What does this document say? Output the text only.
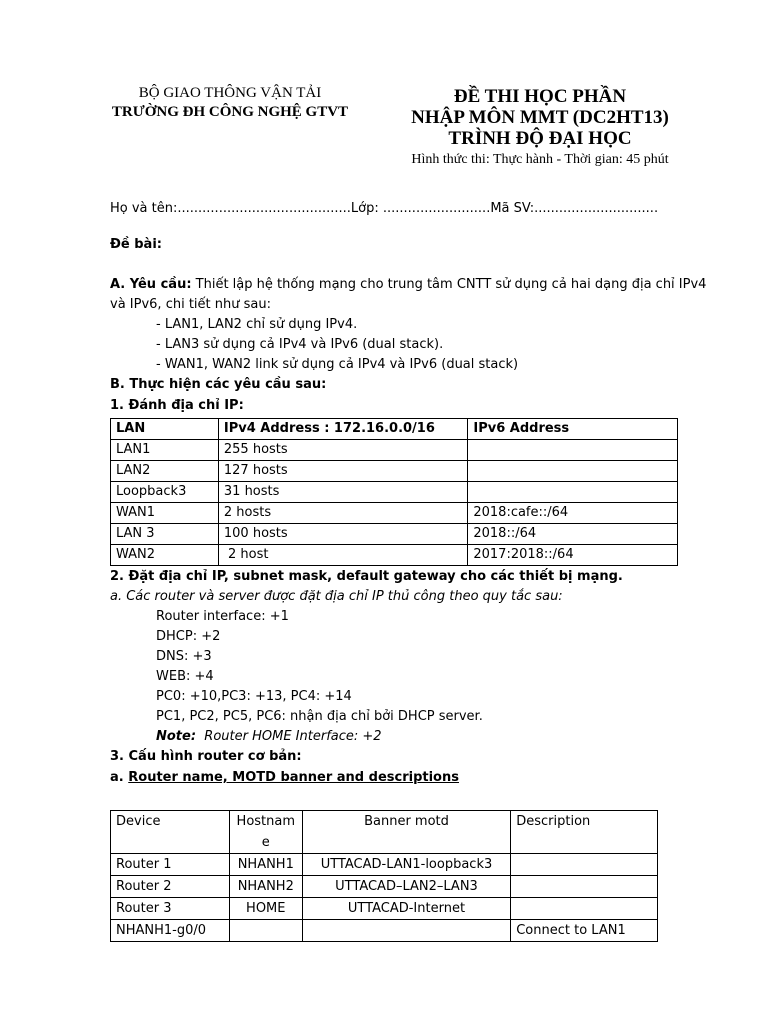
BỘ GIAO THÔNG VẬN TẢI
TRƯỜNG ĐH CÔNG NGHỆ GTVT
ĐỀ THI HỌC PHẦN
NHẬP MÔN MMT (DC2HT13)
TRÌNH ĐỘ ĐẠI HỌC
Hình thức thi: Thực hành - Thời gian: 45 phút
Họ và tên:..........................................Lớp: ..........................Mã SV:..............................
Đề bài:
A. Yêu cầu: Thiết lập hệ thống mạng cho trung tâm CNTT sử dụng cả hai dạng địa chỉ IPv4
và IPv6, chi tiết như sau:
- LAN1, LAN2 chỉ sử dụng IPv4.
- LAN3 sử dụng cả IPv4 và IPv6 (dual stack).
- WAN1, WAN2 link sử dụng cả IPv4 và IPv6 (dual stack)
B. Thực hiện các yêu cầu sau:
1. Đánh địa chỉ IP:
LAN	IPv4 Address : 172.16.0.0/16	IPv6 Address
LAN1	255 hosts	
LAN2	127 hosts	
Loopback3	31 hosts	
WAN1	2 hosts	2018:cafe::/64
LAN 3	100 hosts	2018::/64
WAN2	2 host	2017:2018::/64
2. Đặt địa chỉ IP, subnet mask, default gateway cho các thiết bị mạng.
a. Các router và server được đặt địa chỉ IP thủ công theo quy tắc sau:
Router interface: +1
DHCP: +2
DNS: +3
WEB: +4
PC0: +10,PC3: +13, PC4: +14
PC1, PC2, PC5, PC6: nhận địa chỉ bởi DHCP server.
Note:  Router HOME Interface: +2
3. Cấu hình router cơ bản:
a. Router name, MOTD banner and descriptions
Device	Hostnam e	Banner motd	Description
Router 1	NHANH1	UTTACAD-LAN1-loopback3	
Router 2	NHANH2	UTTACAD–LAN2–LAN3	
Router 3	HOME	UTTACAD-Internet	
NHANH1-g0/0			Connect to LAN1
